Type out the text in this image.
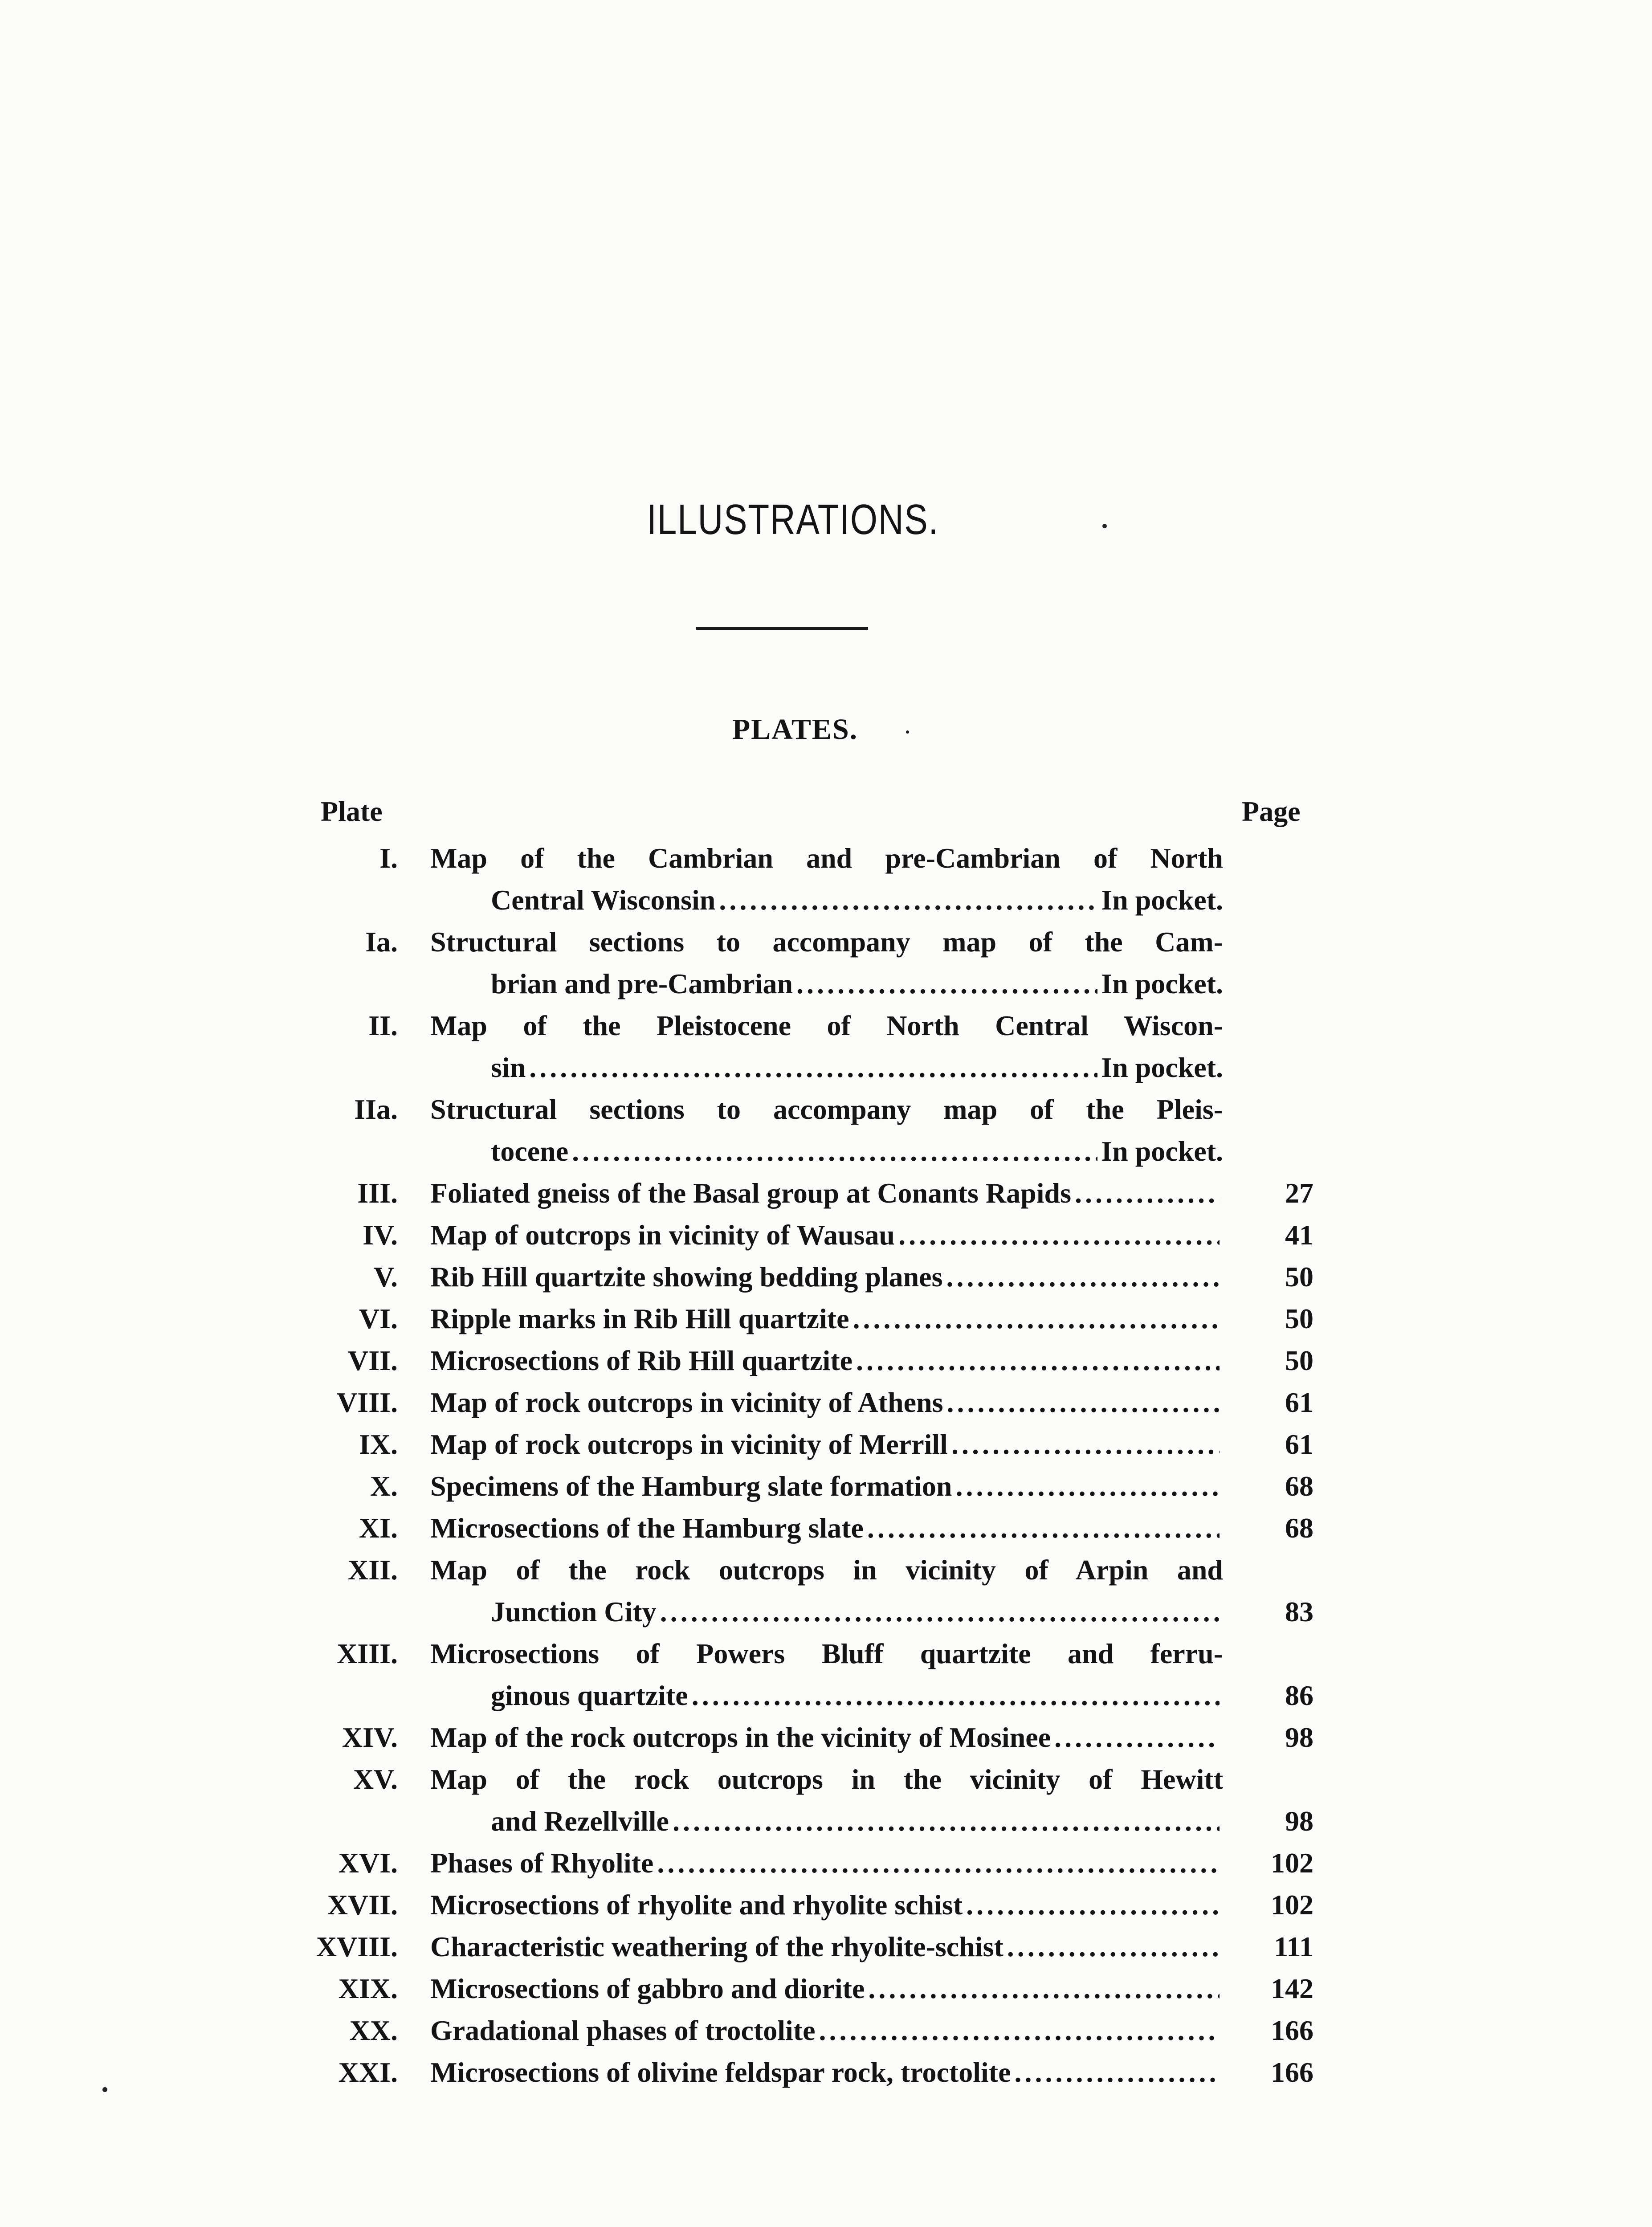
ILLUSTRATIONS.
PLATES.
Plate	Page
I. Map of the Cambrian and pre-Cambrian of North
Central Wisconsin .....	In pocket.
Ia. Structural sections to accompany map of the Cam-
brian and pre-Cambrian .....	In pocket.
II. Map of the Pleistocene of North Central Wiscon-
sin .....	In pocket.
IIa. Structural sections to accompany map of the Pleis-
tocene .....	In pocket.
III. Foliated gneiss of the Basal group at Conants Rapids .....	27
IV. Map of outcrops in vicinity of Wausau .....	41
V. Rib Hill quartzite showing bedding planes .....	50
VI. Ripple marks in Rib Hill quartzite .....	50
VII. Microsections of Rib Hill quartzite .....	50
VIII. Map of rock outcrops in vicinity of Athens .....	61
IX. Map of rock outcrops in vicinity of Merrill .....	61
X. Specimens of the Hamburg slate formation .....	68
XI. Microsections of the Hamburg slate .....	68
XII. Map of the rock outcrops in vicinity of Arpin and
Junction City .....	83
XIII. Microsections of Powers Bluff quartzite and ferru-
ginous quartzite .....	86
XIV. Map of the rock outcrops in the vicinity of Mosinee .....	98
XV. Map of the rock outcrops in the vicinity of Hewitt
and Rezellville .....	98
XVI. Phases of Rhyolite .....	102
XVII. Microsections of rhyolite and rhyolite schist .....	102
XVIII. Characteristic weathering of the rhyolite-schist .....	111
XIX. Microsections of gabbro and diorite .....	142
XX. Gradational phases of troctolite .....	166
XXI. Microsections of olivine feldspar rock, troctolite .....	166
